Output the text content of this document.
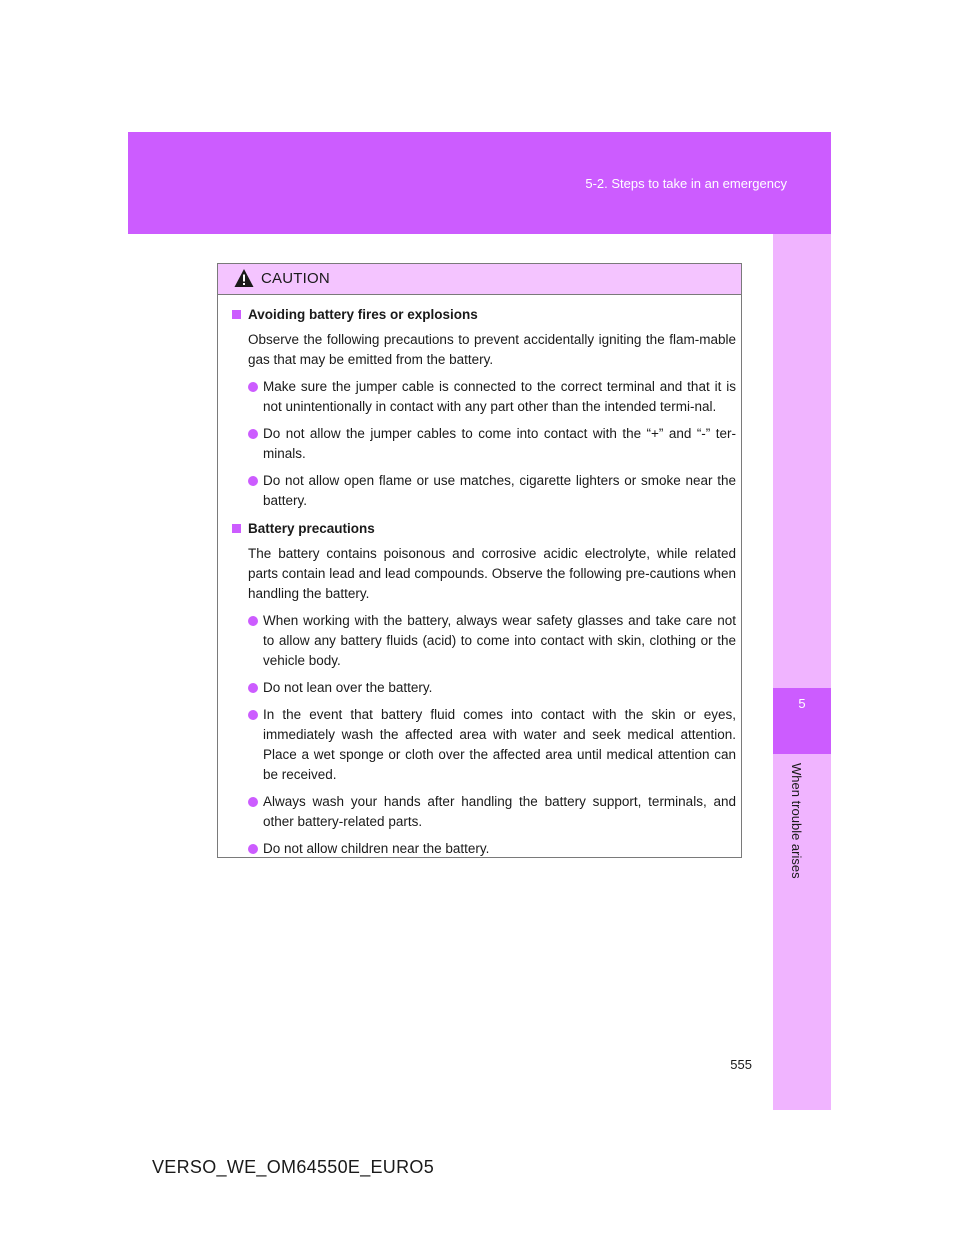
5-2. Steps to take in an emergency
5
When trouble arises
CAUTION

Avoiding battery fires or explosions

Observe the following precautions to prevent accidentally igniting the flam-mable gas that may be emitted from the battery.

Make sure the jumper cable is connected to the correct terminal and that it is not unintentionally in contact with any part other than the intended termi-nal.
Do not allow the jumper cables to come into contact with the “+” and “-” ter-minals.
Do not allow open flame or use matches, cigarette lighters or smoke near the battery.

Battery precautions

The battery contains poisonous and corrosive acidic electrolyte, while related parts contain lead and lead compounds. Observe the following pre-cautions when handling the battery.

When working with the battery, always wear safety glasses and take care not to allow any battery fluids (acid) to come into contact with skin, clothing or the vehicle body.
Do not lean over the battery.
In the event that battery fluid comes into contact with the skin or eyes, immediately wash the affected area with water and seek medical attention. Place a wet sponge or cloth over the affected area until medical attention can be received.
Always wash your hands after handling the battery support, terminals, and other battery-related parts.
Do not allow children near the battery.
555
VERSO_WE_OM64550E_EURO5
